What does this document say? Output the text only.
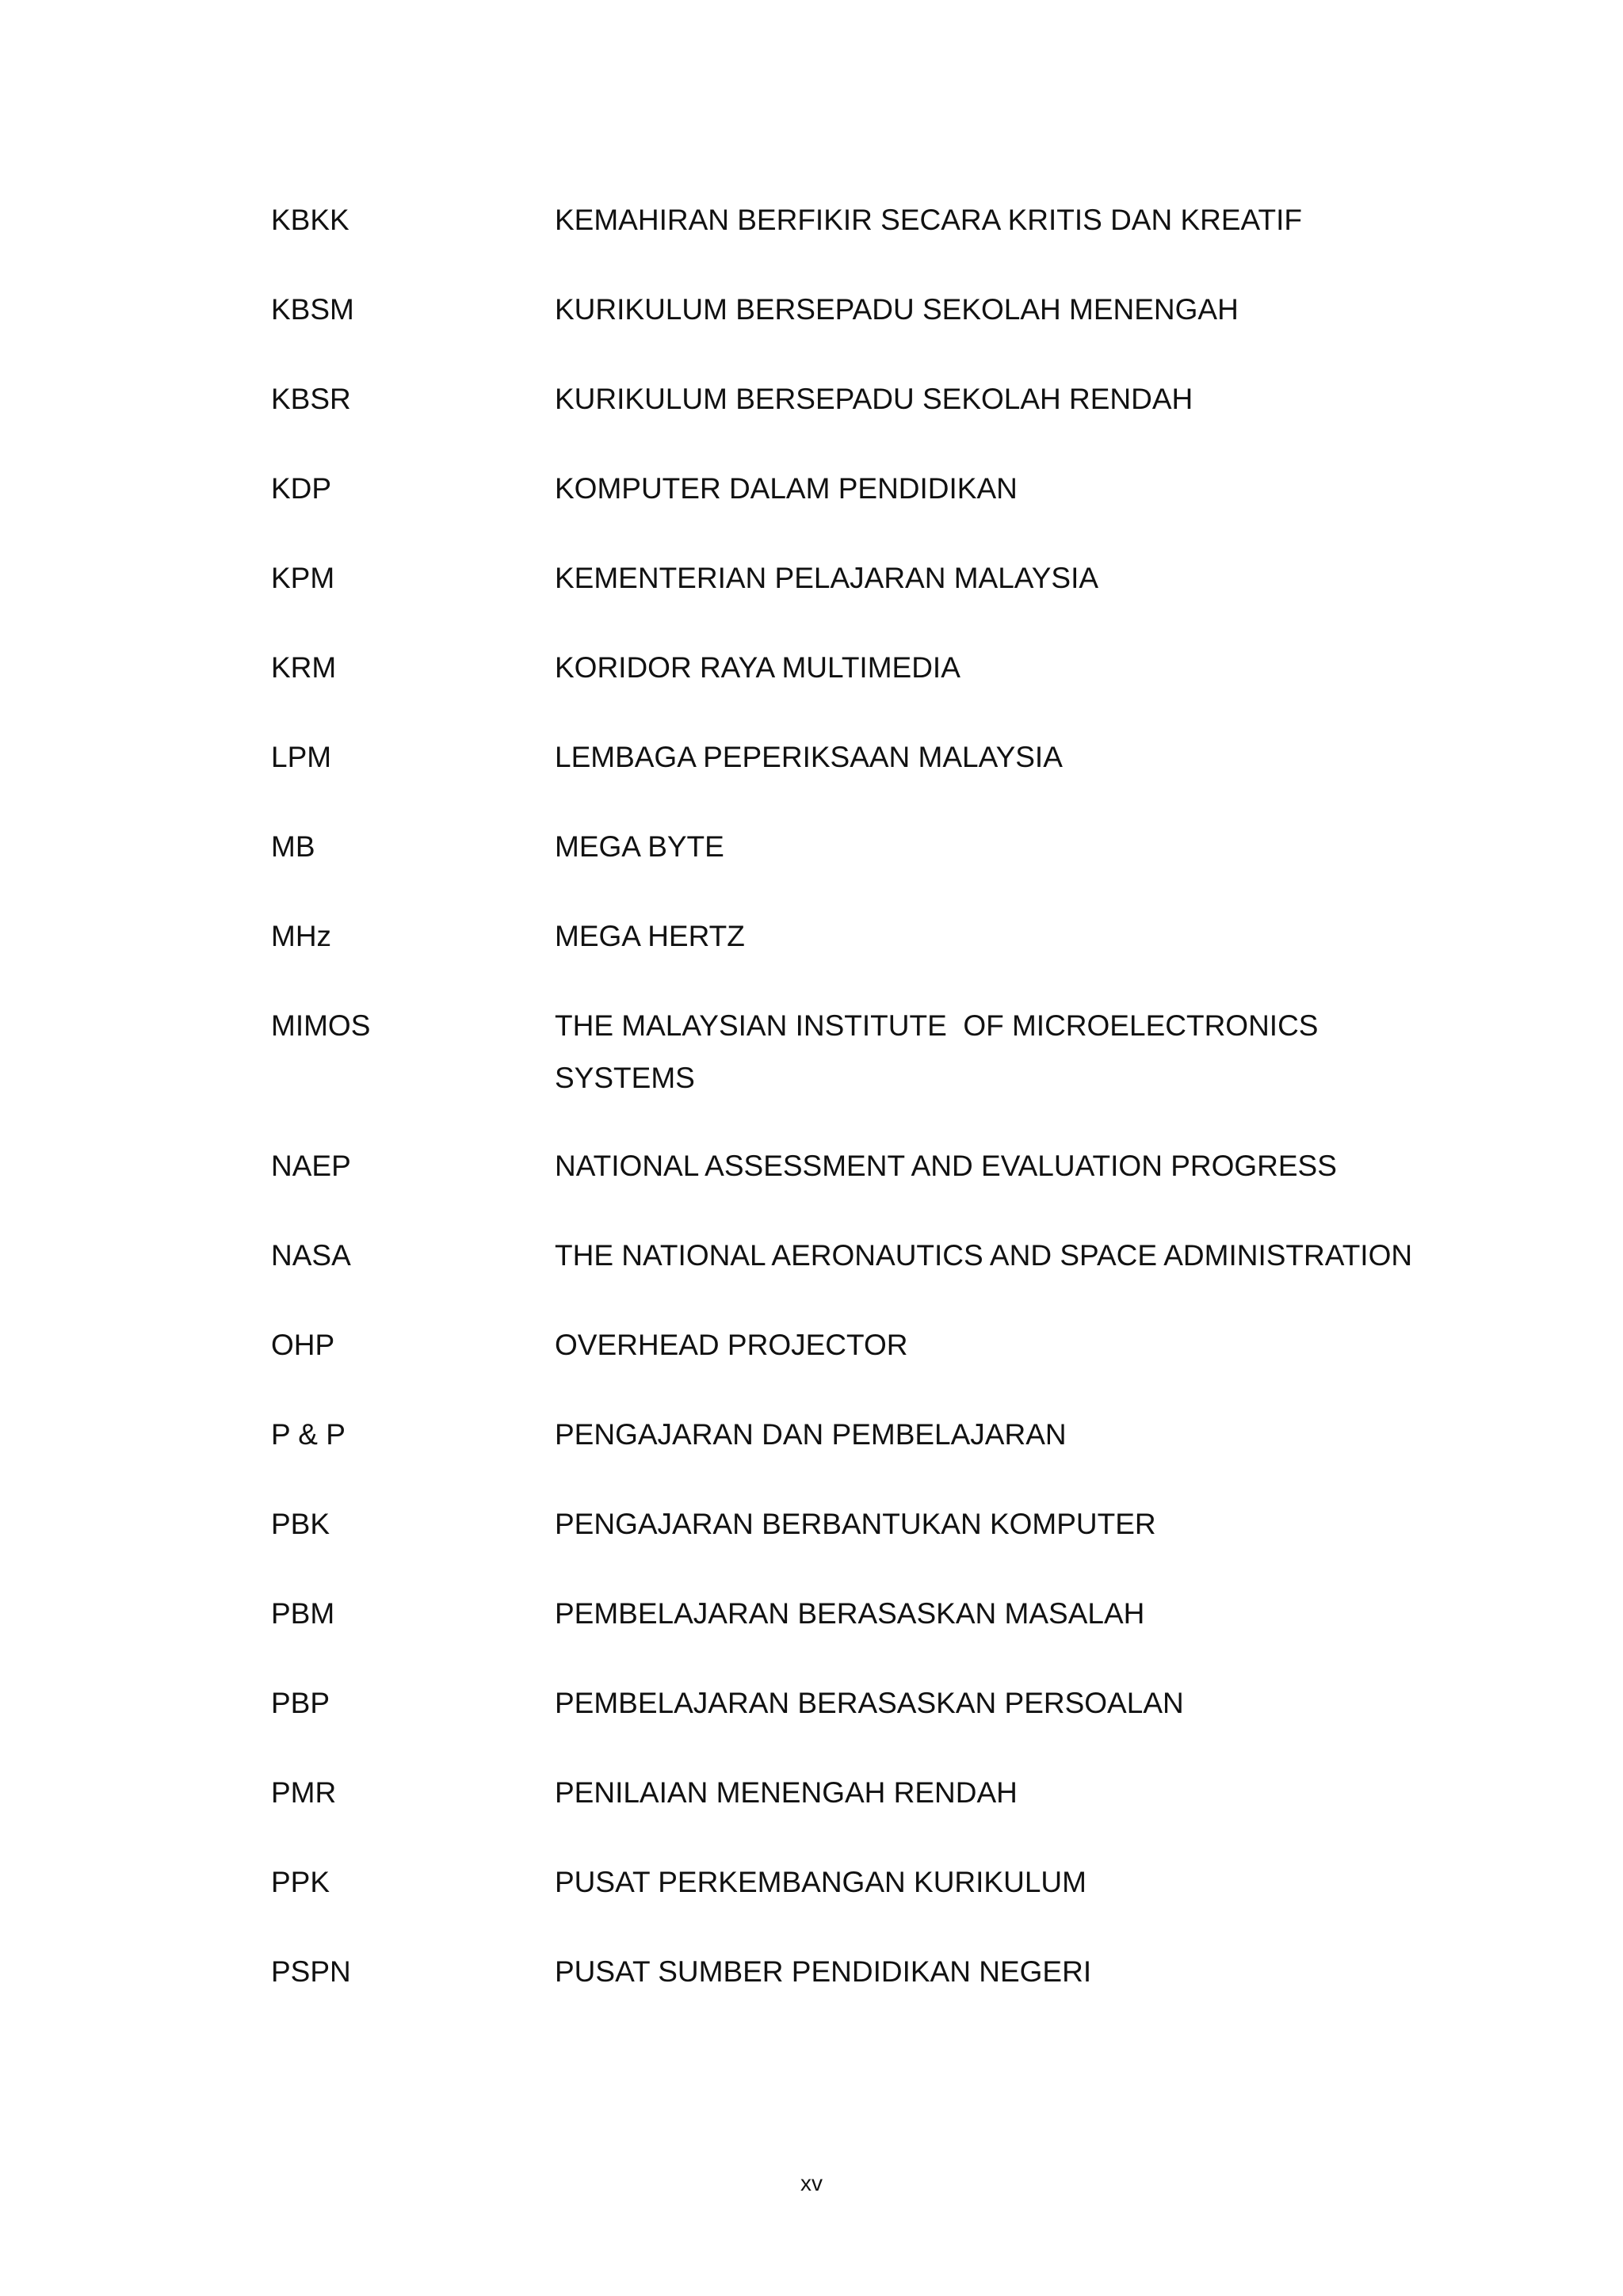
KBKK	KEMAHIRAN BERFIKIR SECARA KRITIS DAN KREATIF
KBSM	KURIKULUM BERSEPADU SEKOLAH MENENGAH
KBSR	KURIKULUM BERSEPADU SEKOLAH RENDAH
KDP	KOMPUTER DALAM PENDIDIKAN
KPM	KEMENTERIAN PELAJARAN MALAYSIA
KRM	KORIDOR RAYA MULTIMEDIA
LPM	LEMBAGA PEPERIKSAAN MALAYSIA
MB	MEGA BYTE
MHz	MEGA HERTZ
MIMOS	THE MALAYSIAN INSTITUTE  OF MICROELECTRONICS
SYSTEMS
NAEP	NATIONAL ASSESSMENT AND EVALUATION PROGRESS
NASA	THE NATIONAL AERONAUTICS AND SPACE ADMINISTRATION
OHP	OVERHEAD PROJECTOR
P & P	PENGAJARAN DAN PEMBELAJARAN
PBK	PENGAJARAN BERBANTUKAN KOMPUTER
PBM	PEMBELAJARAN BERASASKAN MASALAH
PBP	PEMBELAJARAN BERASASKAN PERSOALAN
PMR	PENILAIAN MENENGAH RENDAH
PPK	PUSAT PERKEMBANGAN KURIKULUM
PSPN	PUSAT SUMBER PENDIDIKAN NEGERI
xv
